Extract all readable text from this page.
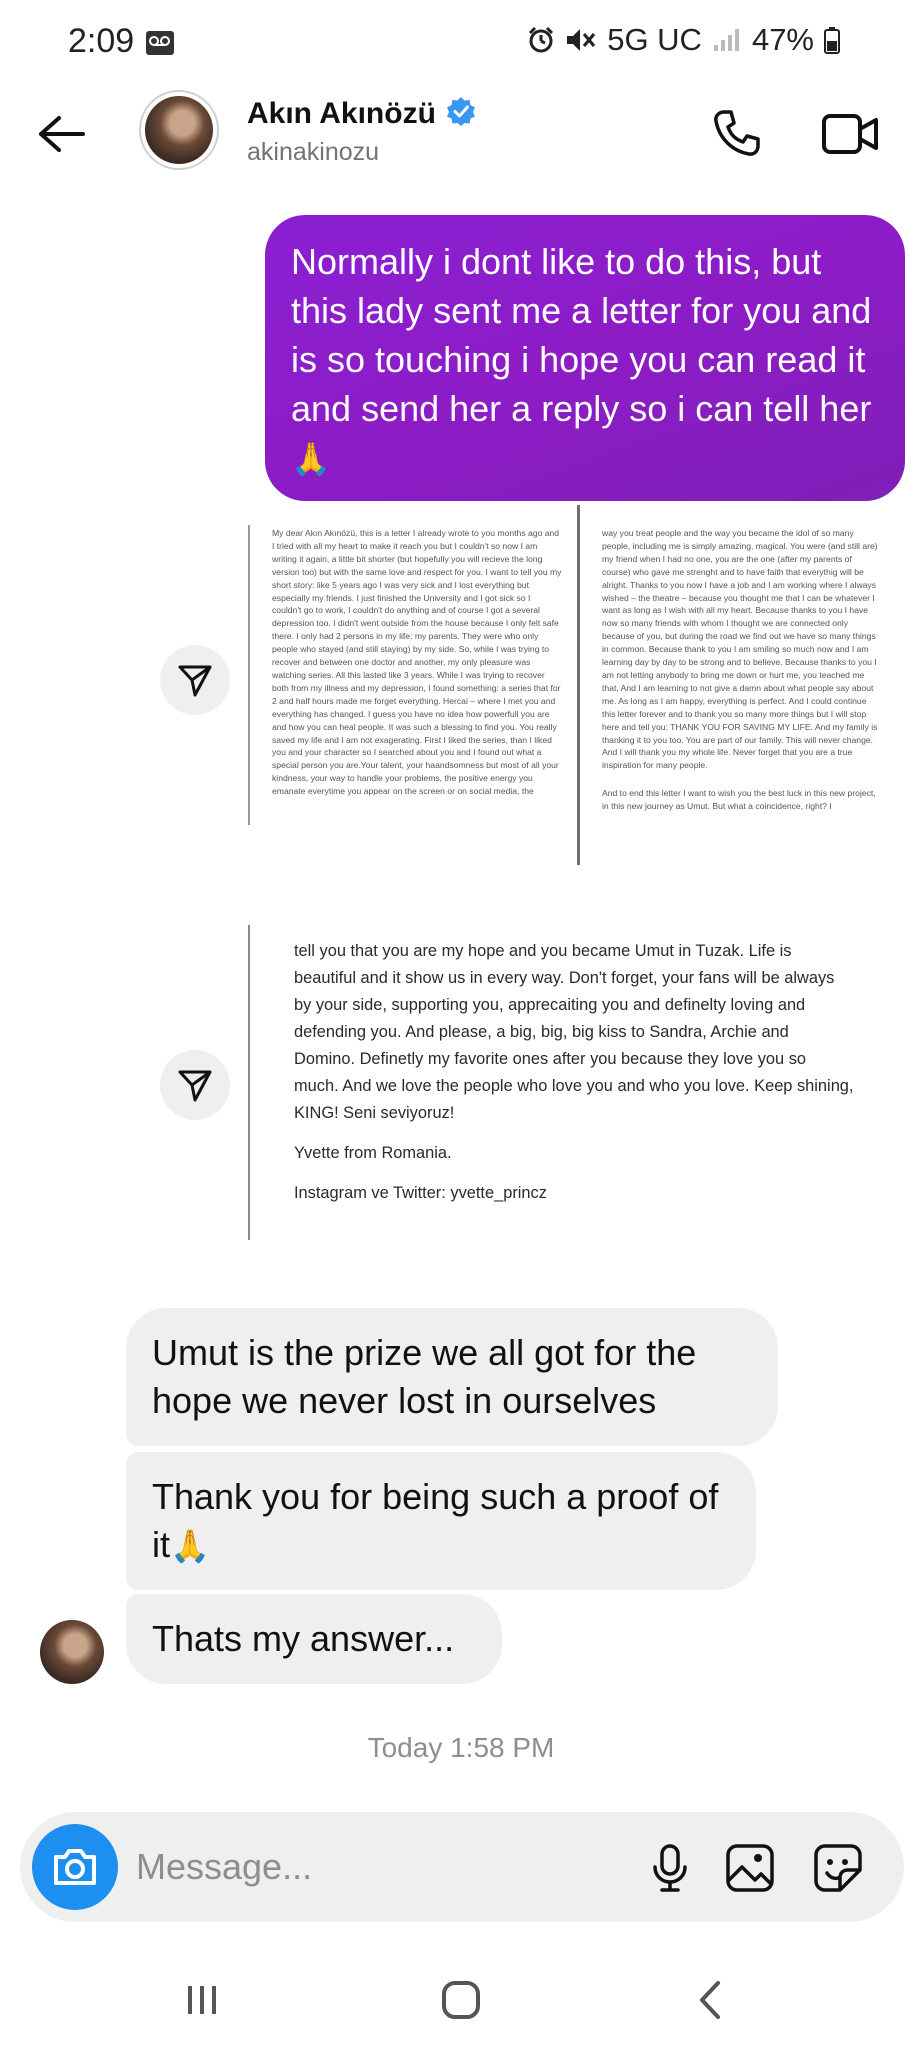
2:09	5G UC 47%
Akın Akınözü
akinakinozu
Normally i dont like to do this, but this lady sent me a letter for you and is so touching i hope you can read it and send her a reply so i can tell her 🙏
My dear Akın Akınözü, this is a letter I already wrote to you months ago and I tried with all my heart to make it reach you but I couldn't so now I am writing it again, a little bit shorter (but hopefully you will recieve the long version too) but with the same love and respect for you. I want to tell you my short story: like 5 years ago I was very sick and I lost everything but especially my friends. I just finished the University and I got sick so I couldn't go to work, I couldn't do anything and of course I got a several depression too. I didn't went outside from the house because I only felt safe there. I only had 2 persons in my life: my parents. They were who only people who stayed (and still staying) by my side. So, while I was trying to recover and between one doctor and another, my only pleasure was watching series. All this lasted like 3 years. While I was trying to recover both from my illness and my depression, I found something: a series that for 2 and half hours made me forget everything. Hercai – where I met you and everything has changed. I guess you have no idea how powerfull you are and how you can heal people. It was such a blessing to find you. You really saved my life and I am not exagerating. First I liked the series, than I liked you and your character so I searched about you and I found out what a special person you are.Your talent, your haandsomness but most of all your kindness, your way to handle your problems, the positive energy you emanate everytime you appear on the screen or on social media, the
way you treat people and the way you became the idol of so many people, including me is simply amazing, magical. You were (and still are) my friend when I had no one, you are the one (after my parents of course) who gave me strenght and to have faith that everythig will be alright. Thanks to you now I have a job and I am working where I always wished – the theatre – because you thought me that I can be whatever I want as long as I wish with all my heart. Because thanks to you I have now so many friends with whom I thought we are connected only because of you, but during the road we find out we have so many things in common. Because thank to you I am smiling so much now and I am learning day by day to be strong and to believe. Because thanks to you I am not letting anybody to bring me down or hurt me, you teached me that, And I am learning to not give a damn about what people say about me. As long as I am happy, everything is perfect. And I could continue this letter forever and to thank you so many more things but I will stop here and tell you: THANK YOU FOR SAVING MY LIFE. And my family is thanking it to you too. You are part of our family. This will never change. And I will thank you my whole life. Never forget that you are a true inspiration for many people.
And to end this letter I want to wish you the best luck in this new project, in this new journey as Umut. But what a coincidence, right? I

tell you that you are my hope and you became Umut in Tuzak. Life is beautiful and it show us in every way. Don't forget, your fans will be always by your side, supporting you, apprecaiting you and definelty loving and defending you. And please, a big, big, big kiss to Sandra, Archie and Domino. Definetly my favorite ones after you because they love you so much. And we love the people who love you and who you love. Keep shining, KING! Seni seviyoruz!

Yvette from Romania.

Instagram ve Twitter: yvette_princz

Umut is the prize we all got for the hope we never lost in ourselves
Thank you for being such a proof of it🙏
Thats my answer...
Today 1:58 PM
Message...
